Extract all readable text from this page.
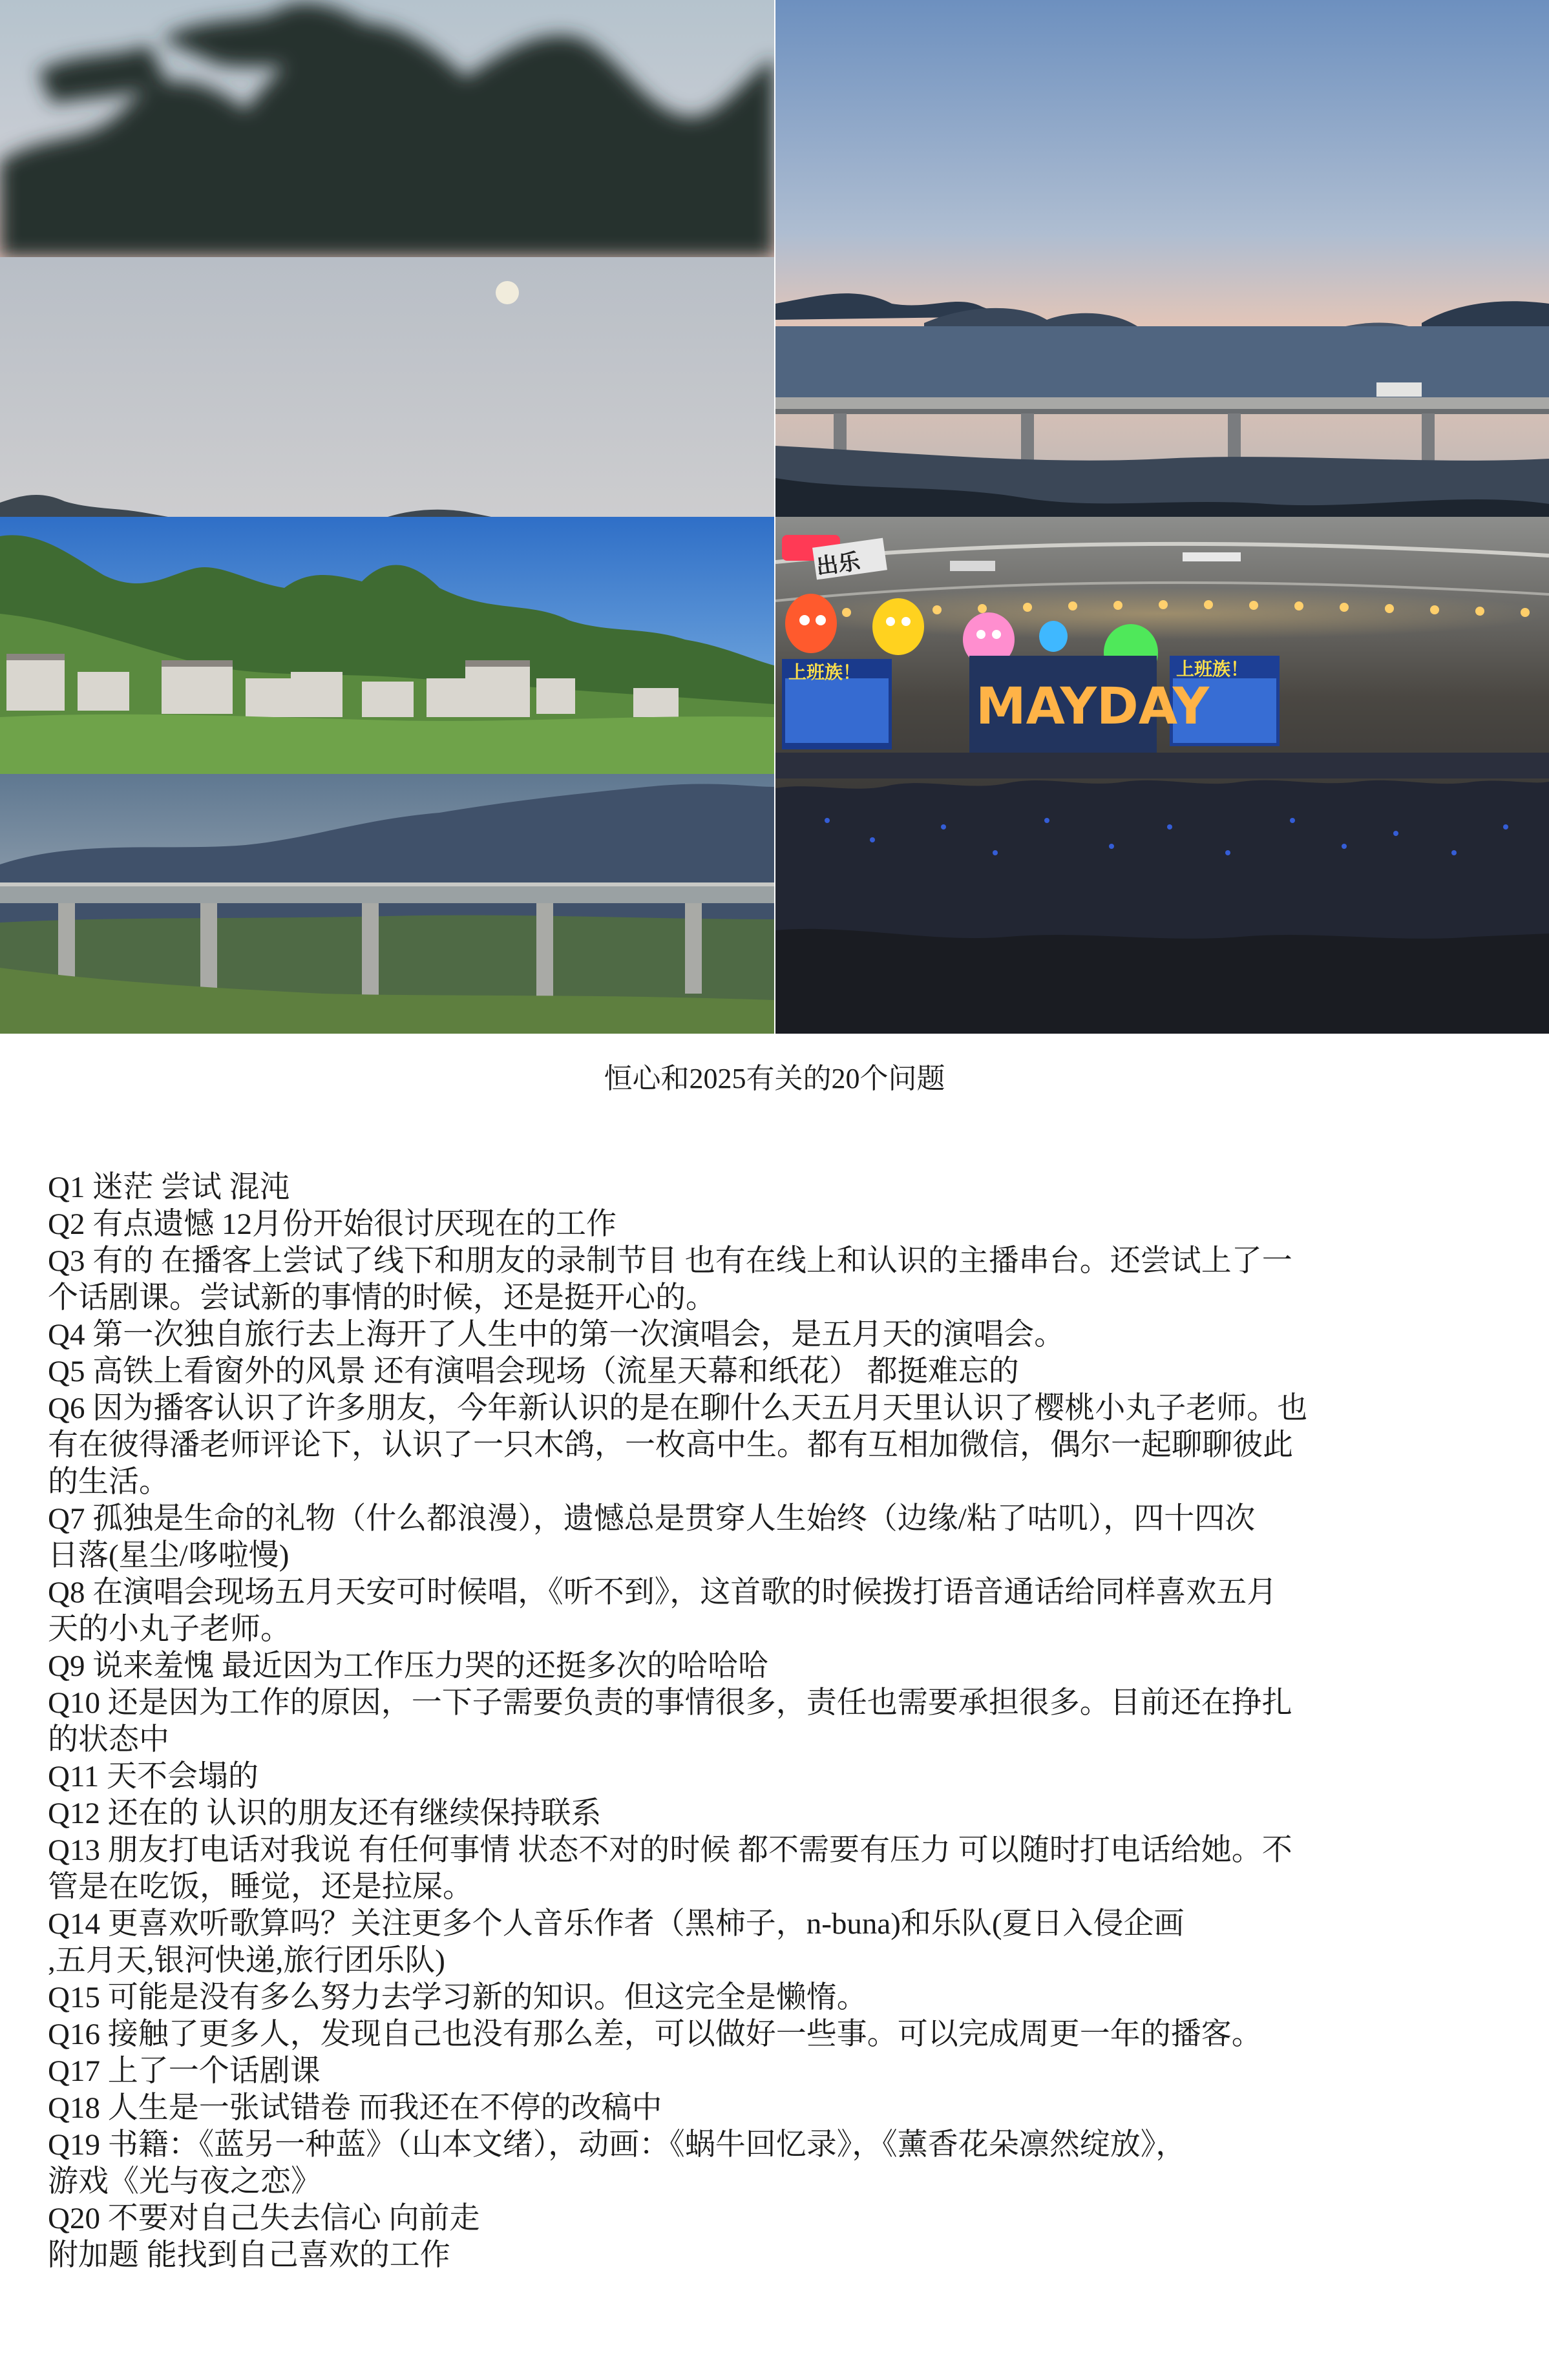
出乐
上班族！	上班族！
MAYDAY
恒心和2025有关的20个问题
Q1 迷茫 尝试 混沌
Q2 有点遗憾 12月份开始很讨厌现在的工作
Q3 有的 在播客上尝试了线下和朋友的录制节目 也有在线上和认识的主播串台。还尝试上了一
个话剧课。尝试新的事情的时候，还是挺开心的。
Q4 第一次独自旅行去上海开了人生中的第一次演唱会，是五月天的演唱会。
Q5 高铁上看窗外的风景 还有演唱会现场（流星天幕和纸花） 都挺难忘的
Q6 因为播客认识了许多朋友，今年新认识的是在聊什么天五月天里认识了樱桃小丸子老师。也
有在彼得潘老师评论下，认识了一只木鸽，一枚高中生。都有互相加微信，偶尔一起聊聊彼此
的生活。
Q7 孤独是生命的礼物（什么都浪漫），遗憾总是贯穿人生始终（边缘/粘了咕叽），四十四次
日落(星尘/哆啦慢)
Q8 在演唱会现场五月天安可时候唱，《听不到》，这首歌的时候拨打语音通话给同样喜欢五月
天的小丸子老师。
Q9 说来羞愧 最近因为工作压力哭的还挺多次的哈哈哈
Q10 还是因为工作的原因，一下子需要负责的事情很多，责任也需要承担很多。目前还在挣扎
的状态中
Q11 天不会塌的
Q12 还在的 认识的朋友还有继续保持联系
Q13 朋友打电话对我说 有任何事情 状态不对的时候 都不需要有压力 可以随时打电话给她。不
管是在吃饭，睡觉，还是拉屎。
Q14 更喜欢听歌算吗？关注更多个人音乐作者（黑柿子，n-buna)和乐队(夏日入侵企画
,五月天,银河快递,旅行团乐队)
Q15 可能是没有多么努力去学习新的知识。但这完全是懒惰。
Q16 接触了更多人，发现自己也没有那么差，可以做好一些事。可以完成周更一年的播客。
Q17 上了一个话剧课
Q18 人生是一张试错卷 而我还在不停的改稿中
Q19 书籍：《蓝另一种蓝》（山本文绪），动画：《蜗牛回忆录》，《薰香花朵凛然绽放》，
游戏《光与夜之恋》
Q20 不要对自己失去信心 向前走
附加题 能找到自己喜欢的工作
